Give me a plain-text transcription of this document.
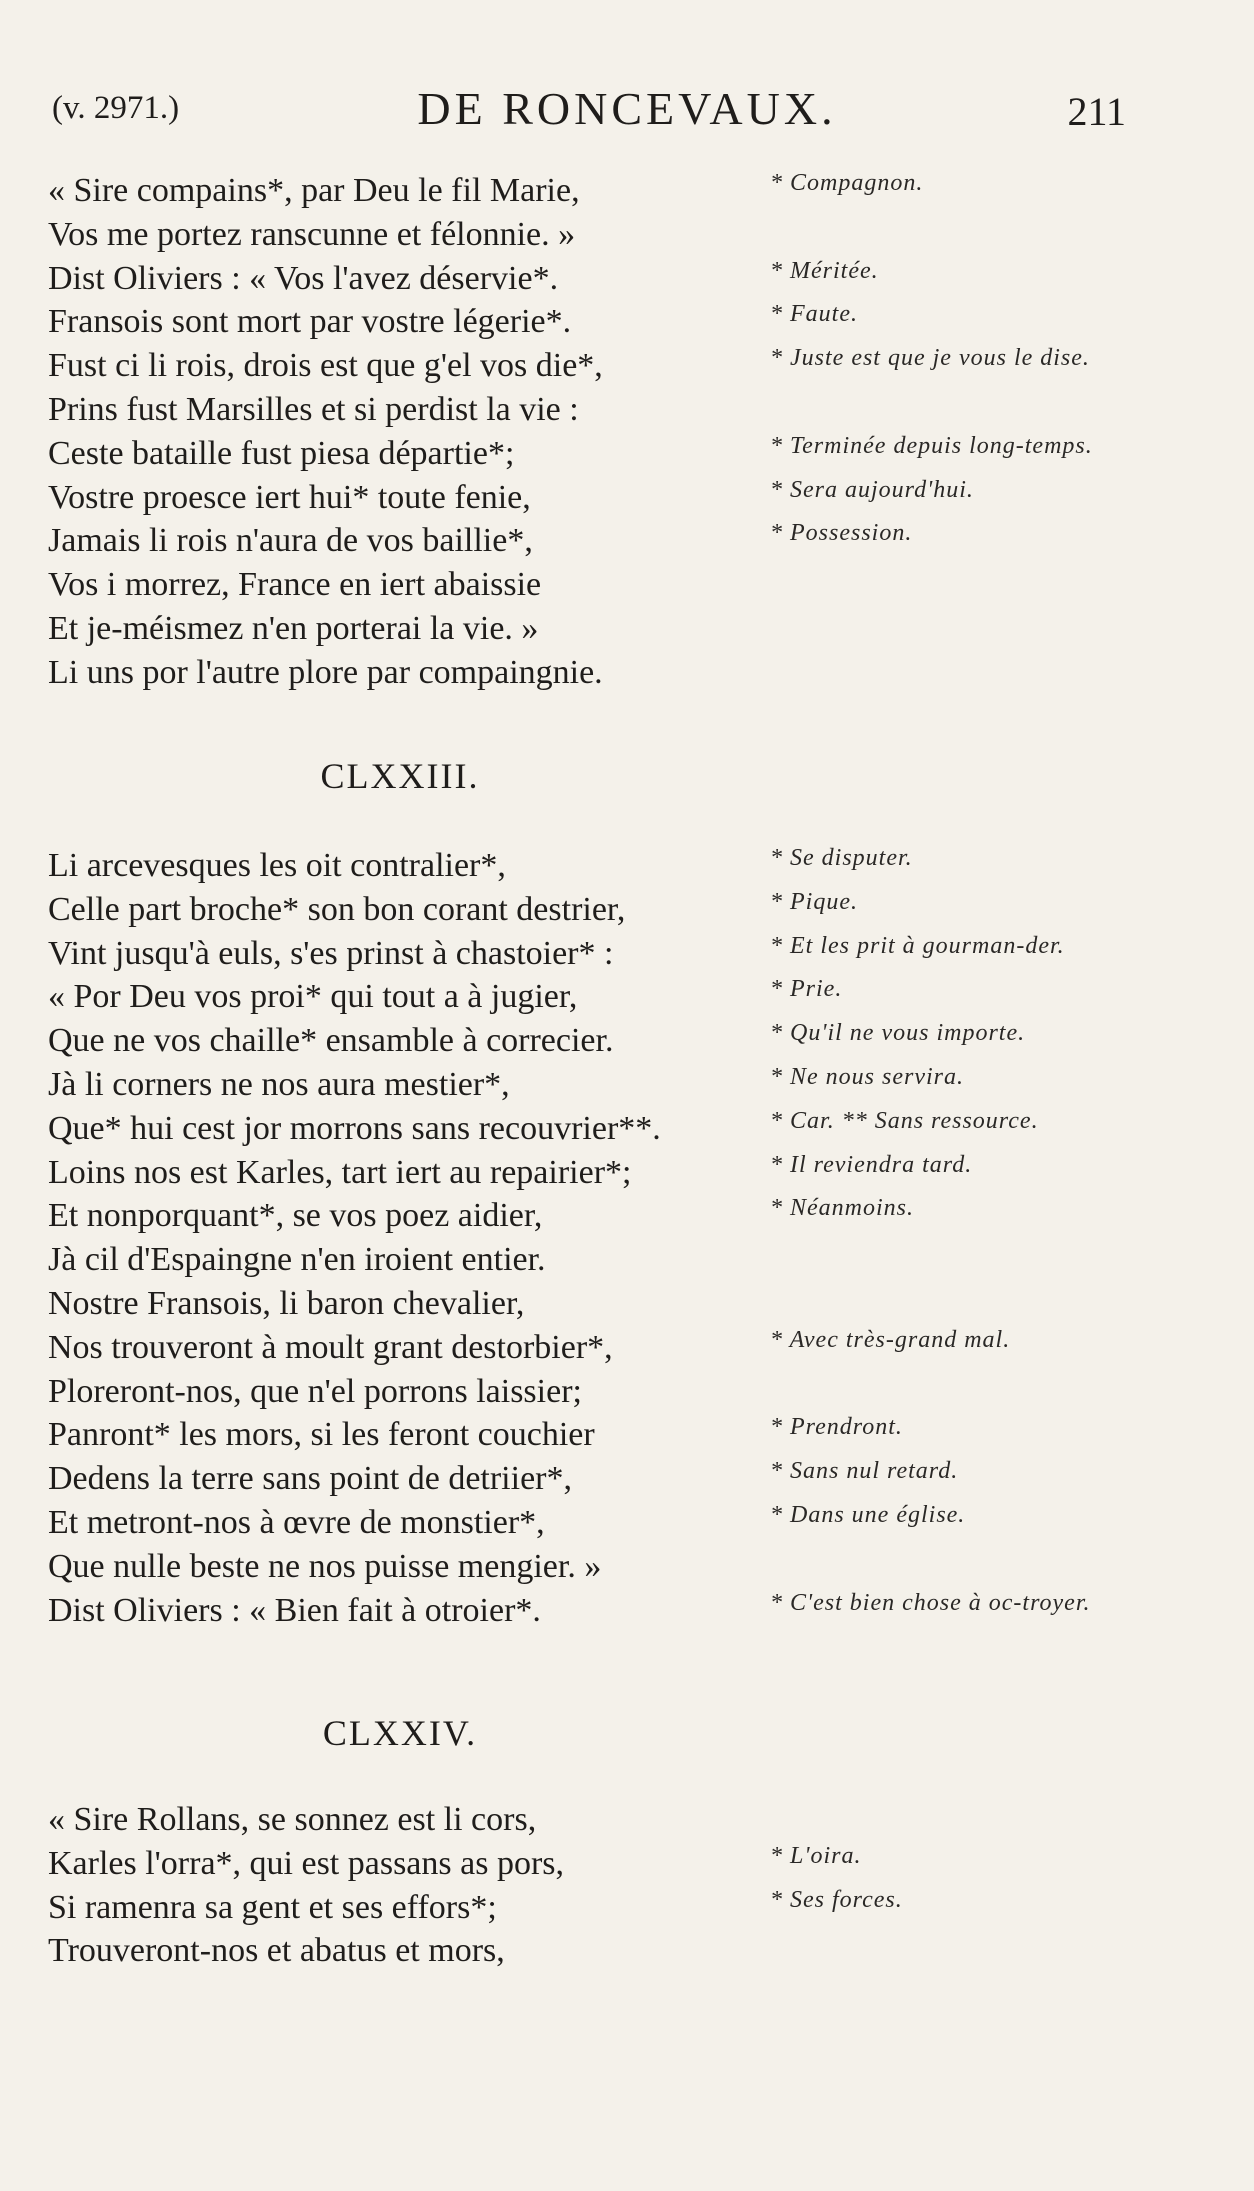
(v. 2971.)	DE RONCEVAUX.	211
« Sire compains*, par Deu le fil Marie,	* Compagnon.
Vos me portez ranscunne et félonnie. »
Dist Oliviers : « Vos l'avez déservie*.	* Méritée.
Fransois sont mort par vostre légerie*.	* Faute.
Fust ci li rois, drois est que g'el vos die*,	* Juste est que je vous le dise.
Prins fust Marsilles et si perdist la vie :
Ceste bataille fust piesa départie*;	* Terminée depuis long-temps.
Vostre proesce iert hui* toute fenie,	* Sera aujourd'hui.
Jamais li rois n'aura de vos baillie*,	* Possession.
Vos i morrez, France en iert abaissie
Et je-méismez n'en porterai la vie. »
Li uns por l'autre plore par compaingnie.
CLXXIII.
Li arcevesques les oit contralier*,	* Se disputer.
Celle part broche* son bon corant destrier,	* Pique.
Vint jusqu'à euls, s'es prinst à chastoier* :	* Et les prit à gourman-der.
« Por Deu vos proi* qui tout a à jugier,	* Prie.
Que ne vos chaille* ensamble à correcier.	* Qu'il ne vous importe.
Jà li corners ne nos aura mestier*,	* Ne nous servira.
Que* hui cest jor morrons sans recouvrier**.	* Car. ** Sans ressource.
Loins nos est Karles, tart iert au repairier*;	* Il reviendra tard.
Et nonporquant*, se vos poez aidier,	* Néanmoins.
Jà cil d'Espaingne n'en iroient entier.
Nostre Fransois, li baron chevalier,
Nos trouveront à moult grant destorbier*,	* Avec très-grand mal.
Ploreront-nos, que n'el porrons laissier;
Panront* les mors, si les feront couchier	* Prendront.
Dedens la terre sans point de detriier*,	* Sans nul retard.
Et metront-nos à œvre de monstier*,	* Dans une église.
Que nulle beste ne nos puisse mengier. »
Dist Oliviers : « Bien fait à otroier*.	* C'est bien chose à oc-troyer.
CLXXIV.
« Sire Rollans, se sonnez est li cors,
Karles l'orra*, qui est passans as pors,	* L'oira.
Si ramenra sa gent et ses effors*;	* Ses forces.
Trouveront-nos et abatus et mors,
